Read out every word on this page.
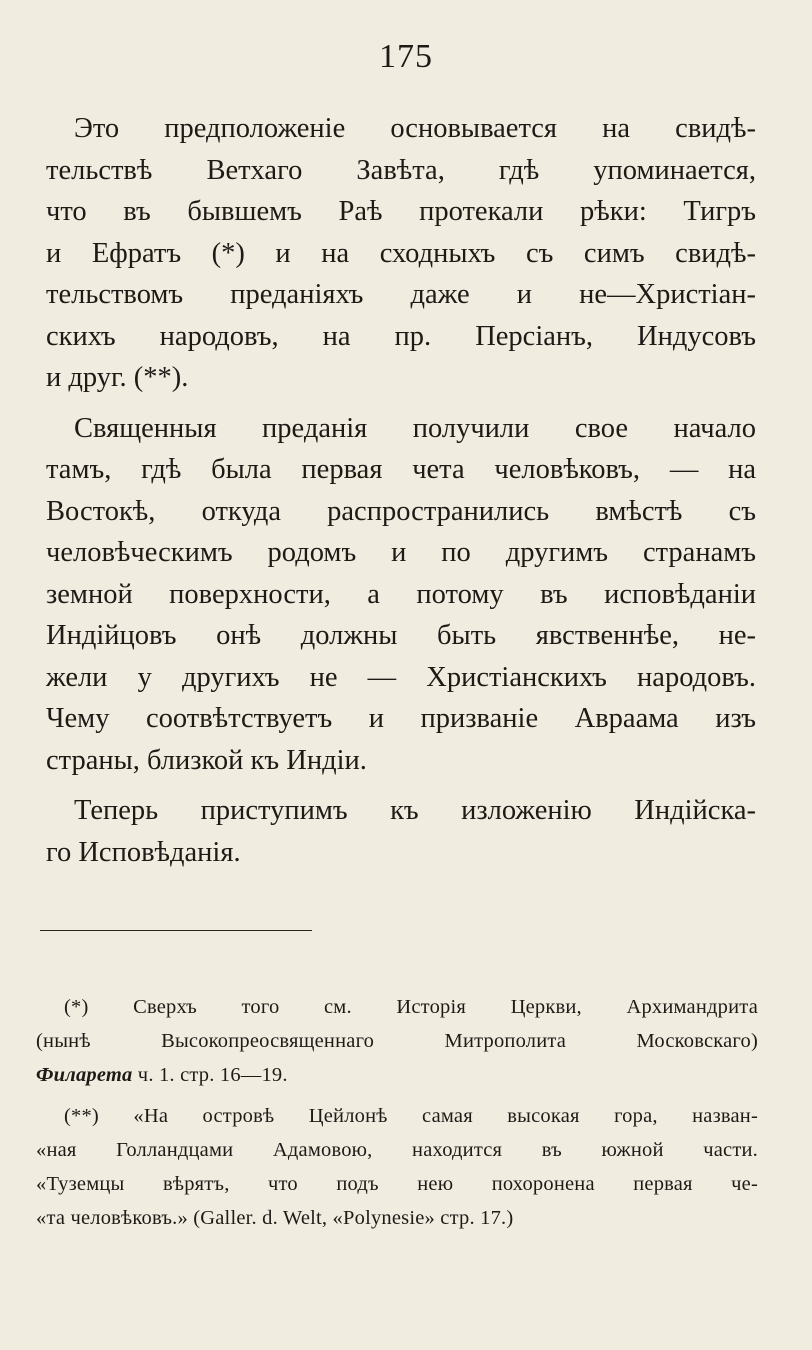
175
Это предположеніе основывается на свидѣ-
тельствѣ Ветхаго Завѣта, гдѣ упоминается,
что въ бывшемъ Раѣ протекали рѣки: Тигръ
и Ефратъ (*) и на сходныхъ съ симъ свидѣ-
тельствомъ преданіяхъ даже и не—Христіан-
скихъ народовъ, на пр. Персіанъ, Индусовъ
и друг. (**).
Священныя преданія получили свое начало
тамъ, гдѣ была первая чета человѣковъ, — на
Востокѣ, откуда распространились вмѣстѣ съ
человѣческимъ родомъ и по другимъ странамъ
земной поверхности, а потому въ исповѣданіи
Индійцовъ онѣ должны быть явственнѣе, не-
жели у другихъ не — Христіанскихъ народовъ.
Чему соотвѣтствуетъ и призваніе Авраама изъ
страны, близкой къ Индіи.
Теперь приступимъ къ изложенію Индійска-
го Исповѣданія.
(*) Сверхъ того см. Исторія Церкви, Архимандрита
(нынѣ Высокопреосвященнаго Митрополита Московскаго)
Филарета ч. 1. стр. 16—19.
(**) «На островѣ Цейлонѣ самая высокая гора, назван-
«ная Голландцами Адамовою, находится въ южной части.
«Туземцы вѣрятъ, что подъ нею похоронена первая че-
«та человѣковъ.» (Galler. d. Welt, «Polynesie» стр. 17.)
